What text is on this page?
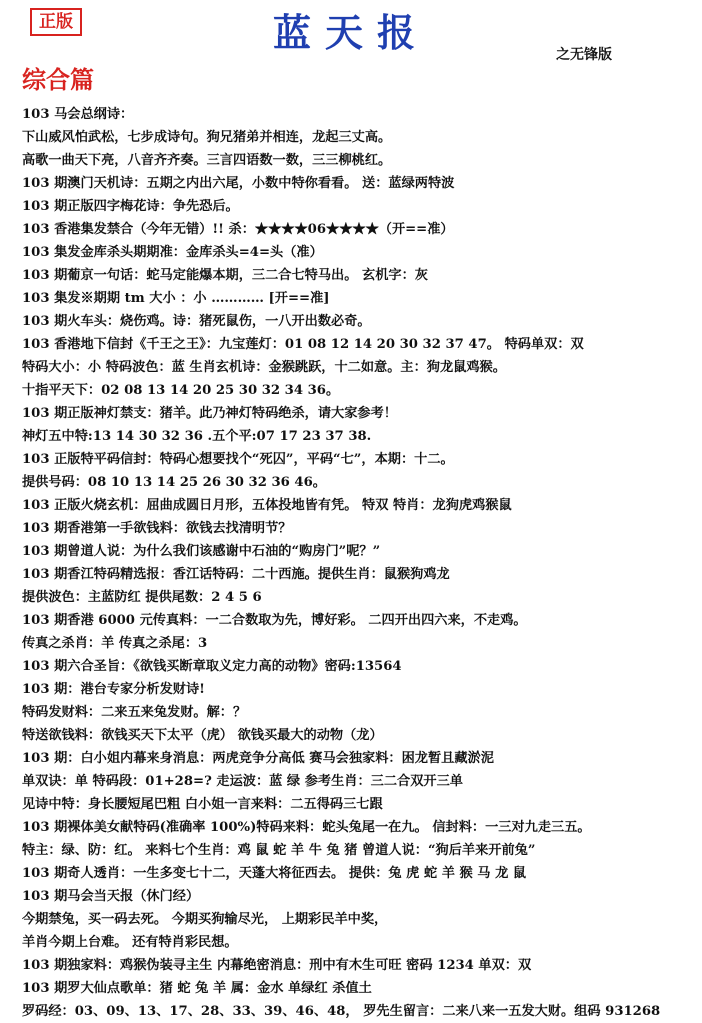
正版	蓝天报	之无锋版
综合篇
103 马会总纲诗：
下山威风怕武松，七步成诗句。狗兄猪弟并相连，龙起三丈高。
高歌一曲天下亮，八音齐齐奏。三言四语数一数，三三柳桃红。
103 期澳门天机诗：五期之内出六尾，小数中特你看看。 送：蓝绿两特波
103 期正版四字梅花诗：争先恐后。
103 香港集发禁合（今年无错）!! 杀：★★★★06★★★★（开==准）
103 集发金库杀头期期准：金库杀头=4=头（准）
103 期葡京一句话：蛇马定能爆本期，三二合七特马出。 玄机字：灰
103 集发※期期 tm 大小 ：小 ………… [开==准]
103 期火车头：烧伤鸡。诗：猪死鼠伤，一八开出数必奇。
103 香港地下信封《千王之王》：九宝莲灯：01 08 12 14 20 30 32 37 47。 特码单双：双
特码大小：小 特码波色：蓝 生肖玄机诗：金猴跳跃，十二如意。主：狗龙鼠鸡猴。
十指平天下：02 08 13 14 20 25 30 32 34 36。
103 期正版神灯禁支：猪羊。此乃神灯特码绝杀，请大家参考！
神灯五中特:13 14 30 32 36 .五个平:07 17 23 37 38.
103 正版特平码信封：特码心想要找个“死囚”，平码“七”，本期：十二。
提供号码：08 10 13 14 25 26 30 32 36 46。
103 正版火烧玄机：屈曲成圆日月形，五体投地皆有凭。 特双 特肖：龙狗虎鸡猴鼠
103 期香港第一手欲钱料：欲钱去找清明节？
103 期曾道人说：为什么我们该感谢中石油的“购房门”呢？”
103 期香江特码精选报：香江话特码：二十西施。提供生肖：鼠猴狗鸡龙
提供波色：主蓝防红 提供尾数：2 4 5 6
103 期香港 6000 元传真料：一二合数取为先，博好彩。 二四开出四六来，不走鸡。
传真之杀肖：羊 传真之杀尾：3
103 期六合圣旨：《欲钱买断章取义定力高的动物》密码:13564
103 期：港台专家分析发财诗!
特码发财料：二来五来兔发财。解：？
特送欲钱料：欲钱买天下太平（虎） 欲钱买最大的动物（龙）
103 期：白小姐内幕来身消息：两虎竞争分高低 赛马会独家料：困龙暂且藏淤泥
单双诀：单 特码段：01+28=? 走运波：蓝 绿 参考生肖：三二合双开三单
见诗中特：身长腰短尾巴粗 白小姐一言来料：二五得码三七跟
103 期裸体美女献特码(准确率 100%)特码来料：蛇头兔尾一在九。 信封料：一三对九走三五。
特主：绿、防：红。 来料七个生肖：鸡 鼠 蛇 羊 牛 兔 猪 曾道人说：“狗后羊来开前兔”
103 期奇人透肖：一生多变七十二，天蓬大将征西去。 提供：兔 虎 蛇 羊 猴 马 龙 鼠
103 期马会当天报（休门经）
今期禁兔，买一码去死。 今期买狗输尽光， 上期彩民羊中奖，
羊肖今期上台难。 还有特肖彩民想。
103 期独家料：鸡猴伪装寻主生 内幕绝密消息：刑中有木生可旺 密码 1234 单双：双
103 期罗大仙点歌单：猪 蛇 兔 羊 属：金水 单绿红 杀值土
罗码经：03、09、13、17、28、33、39、46、48， 罗先生留言：二来八来一五发大财。组码 931268
